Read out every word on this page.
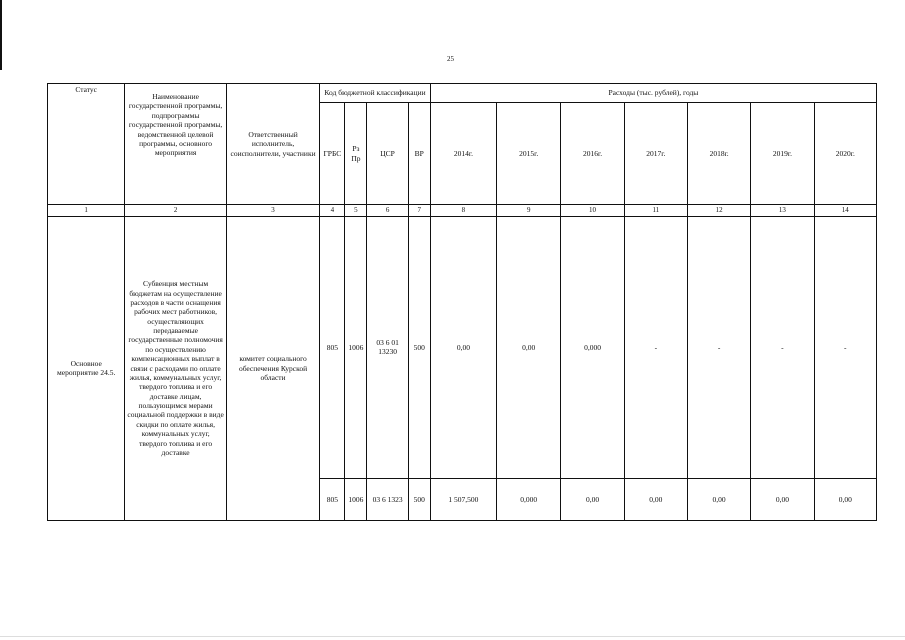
25
Статус	Наименование государственной программы, подпрограммы государственной программы, ведомственной целевой программы, основного мероприятия	Ответственный исполнитель, соисполнители, участники	Код бюджетной классификации				Расходы (тыс. рублей), годы						
			ГРБС	Рз Пр	ЦСР	ВР	2014г.	2015г.	2016г.	2017г.	2018г.	2019г.	2020г.
1	2	3	4	5	6	7	8	9	10	11	12	13	14
Основное мероприятие 24.5.	Субвенция местным бюджетам на осуществление расходов в части оснащения рабочих мест работников, осуществляющих передаваемые государственные полномочия по осуществлению компенсационных выплат в связи с расходами по оплате жилья, коммунальных услуг, твердого топлива и его доставке лицам, пользующимся мерами социальной поддержки в виде скидки по оплате жилья, коммунальных услуг, твердого топлива и его доставке	комитет социального обеспечения Курской области	805	1006	03 6 01 13230	500	0,00	0,00	0,000	-	-	-	-
			805	1006	03 6 1323	500	1 507,500	0,000	0,00	0,00	0,00	0,00	0,00
